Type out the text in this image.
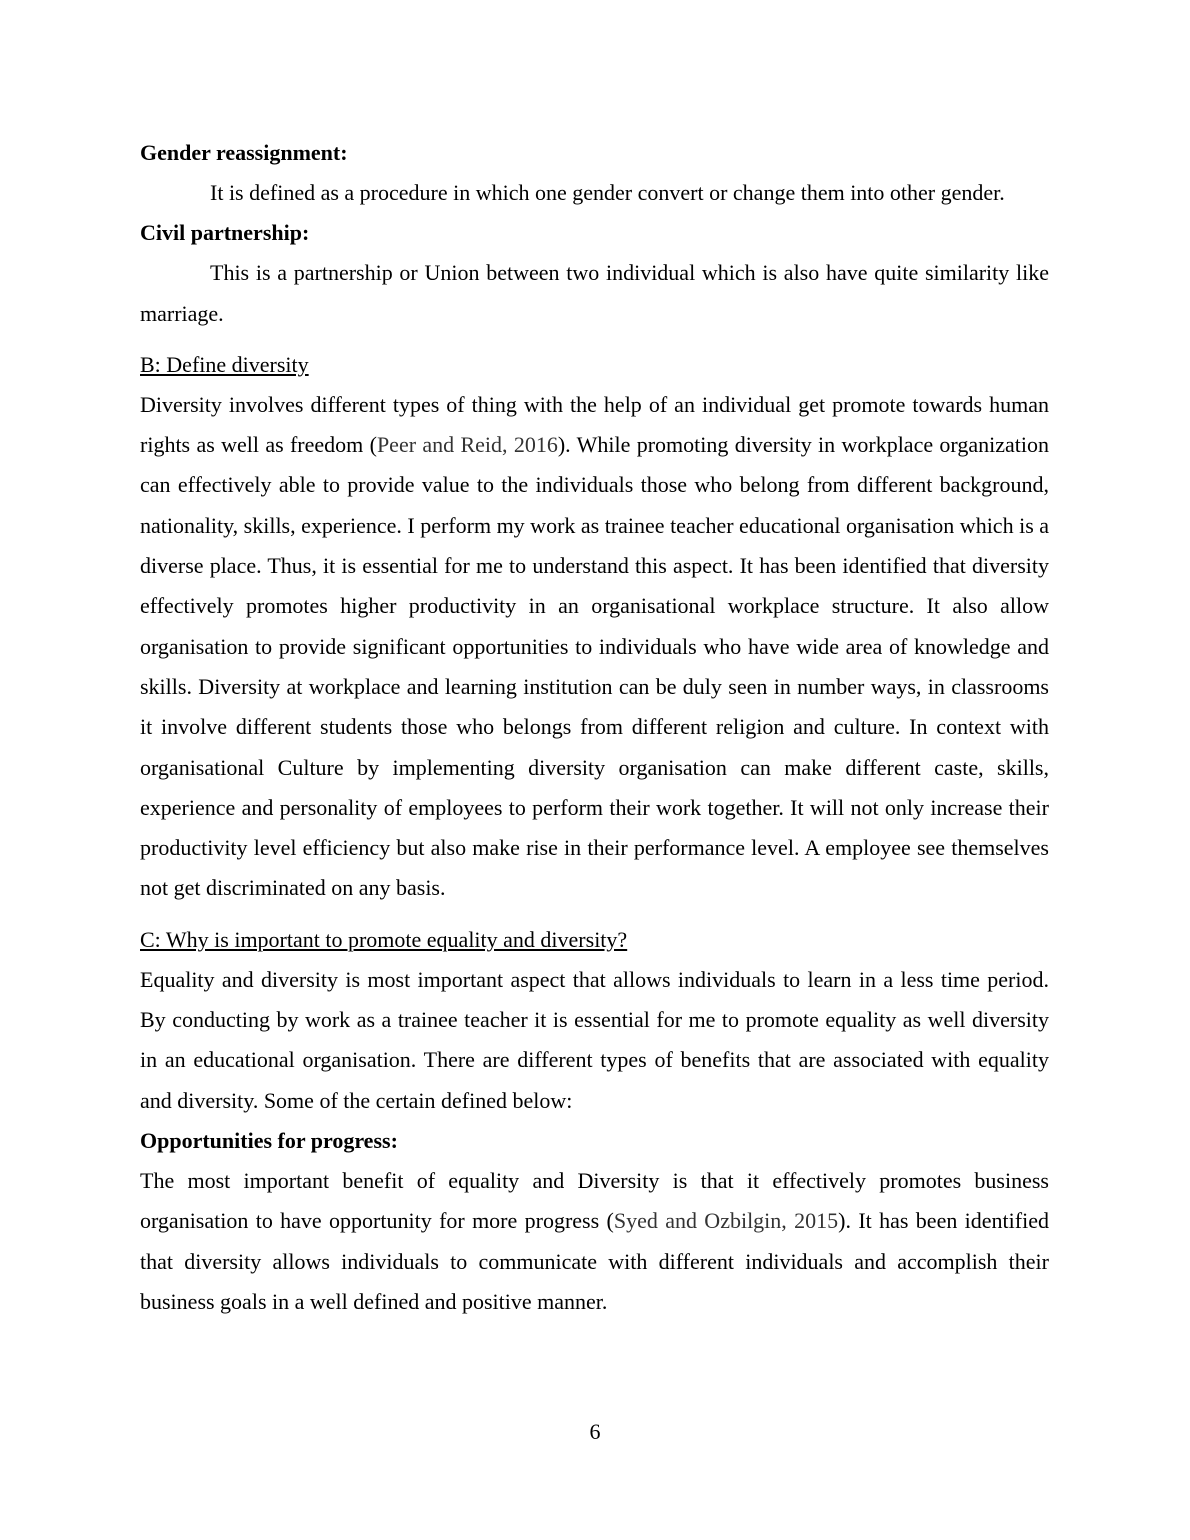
Gender reassignment:

It is defined as a procedure in which one gender convert or change them into other gender.

Civil partnership:

This is a partnership or Union between two individual which is also have quite similarity like marriage.

B: Define diversity

Diversity involves different types of thing with the help of an individual get promote towards human rights as well as freedom (Peer and Reid, 2016). While promoting diversity in workplace organization can effectively able to provide value to the individuals those who belong from different background, nationality, skills, experience. I perform my work as trainee teacher educational organisation which is a diverse place. Thus, it is essential for me to understand this aspect. It has been identified that diversity effectively promotes higher productivity in an organisational workplace structure. It also allow organisation to provide significant opportunities to individuals who have wide area of knowledge and skills. Diversity at workplace and learning institution can be duly seen in number ways, in classrooms it involve different students those who belongs from different religion and culture. In context with organisational Culture by implementing diversity organisation can make different caste, skills, experience and personality of employees to perform their work together. It will not only increase their productivity level efficiency but also make rise in their performance level. A employee see themselves not get discriminated on any basis.

C: Why is important to promote equality and diversity?

Equality and diversity is most important aspect that allows individuals to learn in a less time period. By conducting by work as a trainee teacher it is essential for me to promote equality as well diversity in an educational organisation. There are different types of benefits that are associated with equality and diversity. Some of the certain defined below:

Opportunities for progress:

The most important benefit of equality and Diversity is that it effectively promotes business organisation to have opportunity for more progress (Syed and Ozbilgin, 2015). It has been identified that diversity allows individuals to communicate with different individuals and accomplish their business goals in a well defined and positive manner.

6
